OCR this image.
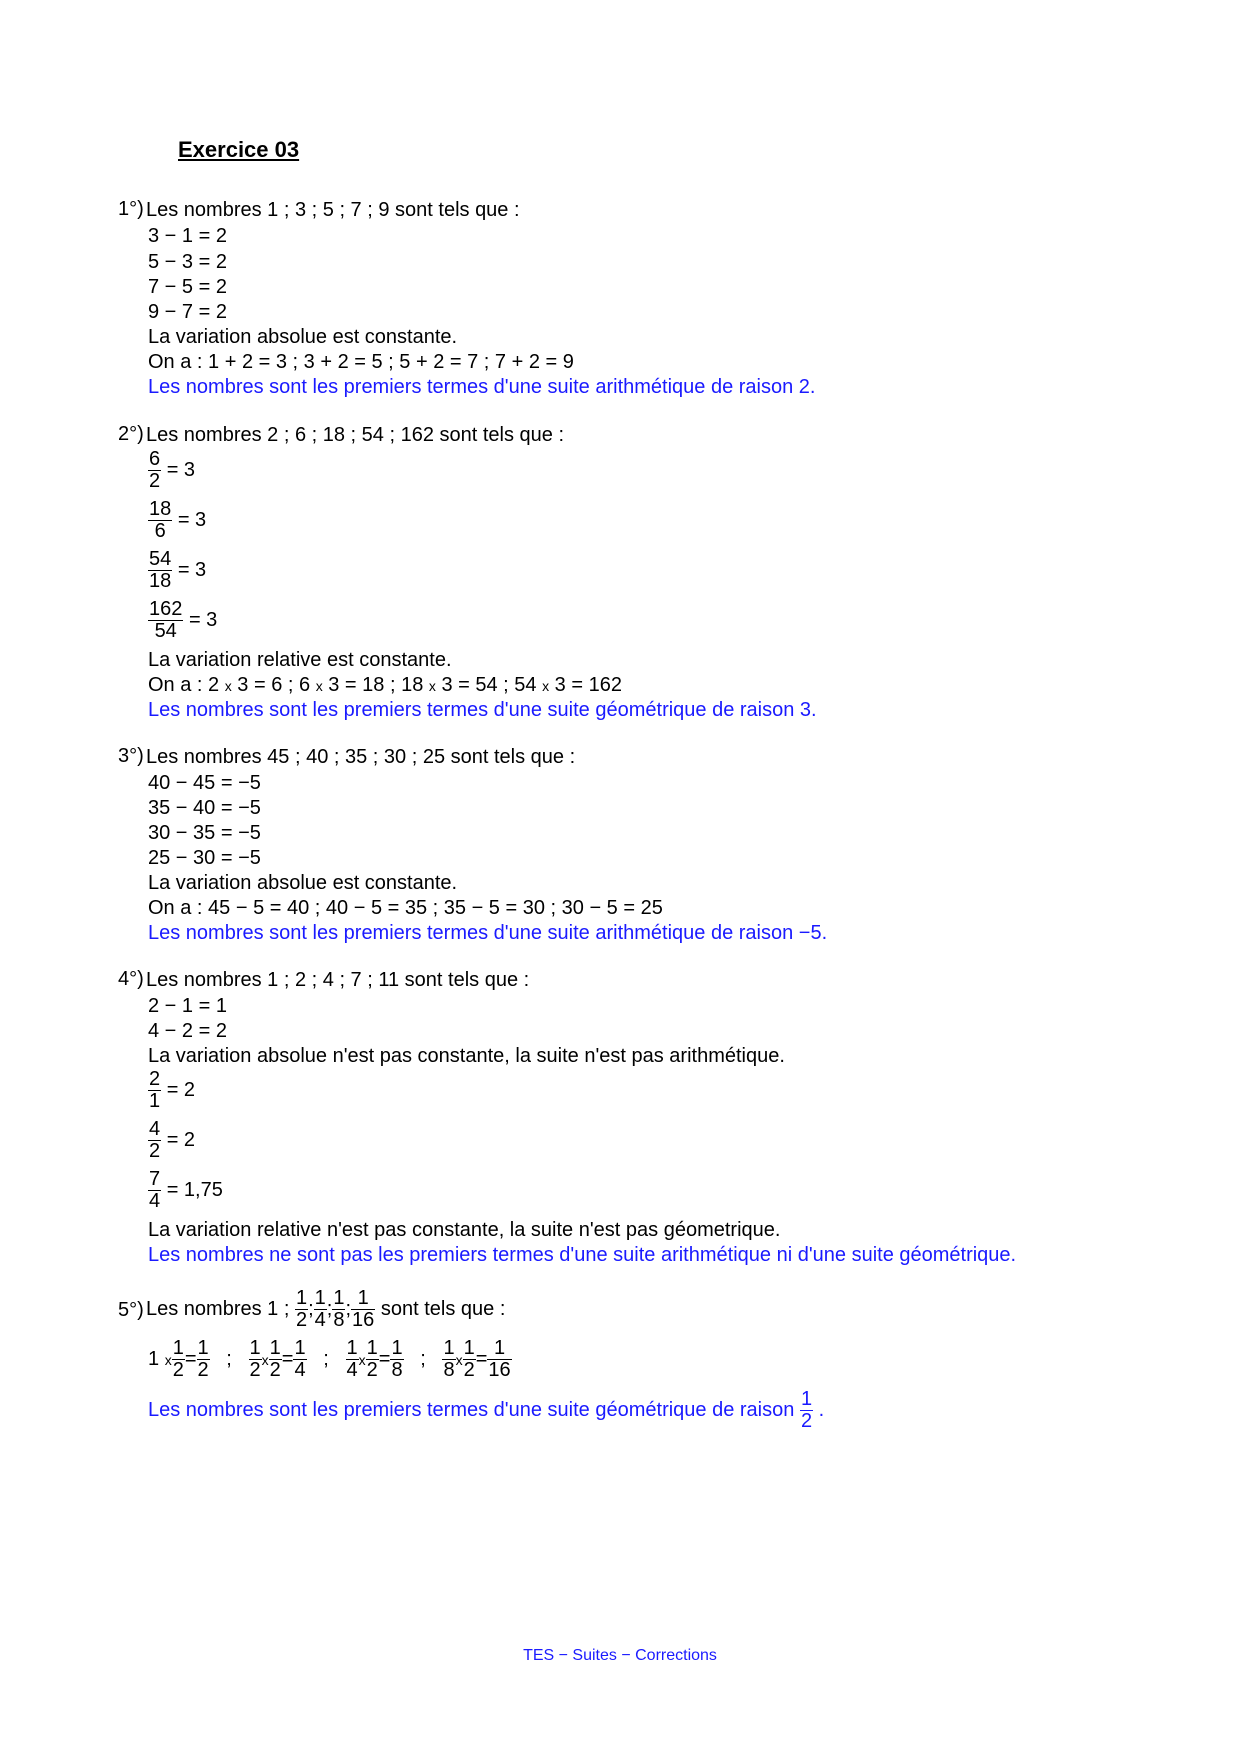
Exercice 03
1°) Les nombres 1 ; 3 ; 5 ; 7 ; 9 sont tels que :
3 − 1 = 2
5 − 3 = 2
7 − 5 = 2
9 − 7 = 2
La variation absolue est constante.
On a : 1 + 2 = 3 ; 3 + 2 = 5 ; 5 + 2 = 7 ; 7 + 2 = 9
Les nombres sont les premiers termes d'une suite arithmétique de raison 2.
2°) Les nombres 2 ; 6 ; 18 ; 54 ; 162 sont tels que :
$\frac{6}{2} = 3$
$\frac{18}{6} = 3$
$\frac{54}{18} = 3$
$\frac{162}{54} = 3$
La variation relative est constante.
On a : 2 x 3 = 6 ; 6 x 3 = 18 ; 18 x 3 = 54 ; 54 x 3 = 162
Les nombres sont les premiers termes d'une suite géométrique de raison 3.
3°) Les nombres 45 ; 40 ; 35 ; 30 ; 25 sont tels que :
40 − 45 = −5
35 − 40 = −5
30 − 35 = −5
25 − 30 = −5
La variation absolue est constante.
On a : 45 − 5 = 40 ; 40 − 5 = 35 ; 35 − 5 = 30 ; 30 − 5 = 25
Les nombres sont les premiers termes d'une suite arithmétique de raison −5.
4°) Les nombres 1 ; 2 ; 4 ; 7 ; 11 sont tels que :
2 − 1 = 1
4 − 2 = 2
La variation absolue n'est pas constante, la suite n'est pas arithmétique.
$\frac{2}{1} = 2$
$\frac{4}{2} = 2$
$\frac{7}{4} = 1,75$
La variation relative n'est pas constante, la suite n'est pas géometrique.
Les nombres ne sont pas les premiers termes d'une suite arithmétique ni d'une suite géométrique.
5°) Les nombres 1 ; $\frac{1}{2}$ ; $\frac{1}{4}$ ; $\frac{1}{8}$ ; $\frac{1}{16}$ sont tels que :
1 x $\frac{1}{2} = \frac{1}{2}$ ; $\frac{1}{2}$ x $\frac{1}{2} = \frac{1}{4}$ ; $\frac{1}{4}$ x $\frac{1}{2} = \frac{1}{8}$ ; $\frac{1}{8}$ x $\frac{1}{2} = \frac{1}{16}$
Les nombres sont les premiers termes d'une suite géométrique de raison $\frac{1}{2}$ .
TES − Suites − Corrections
